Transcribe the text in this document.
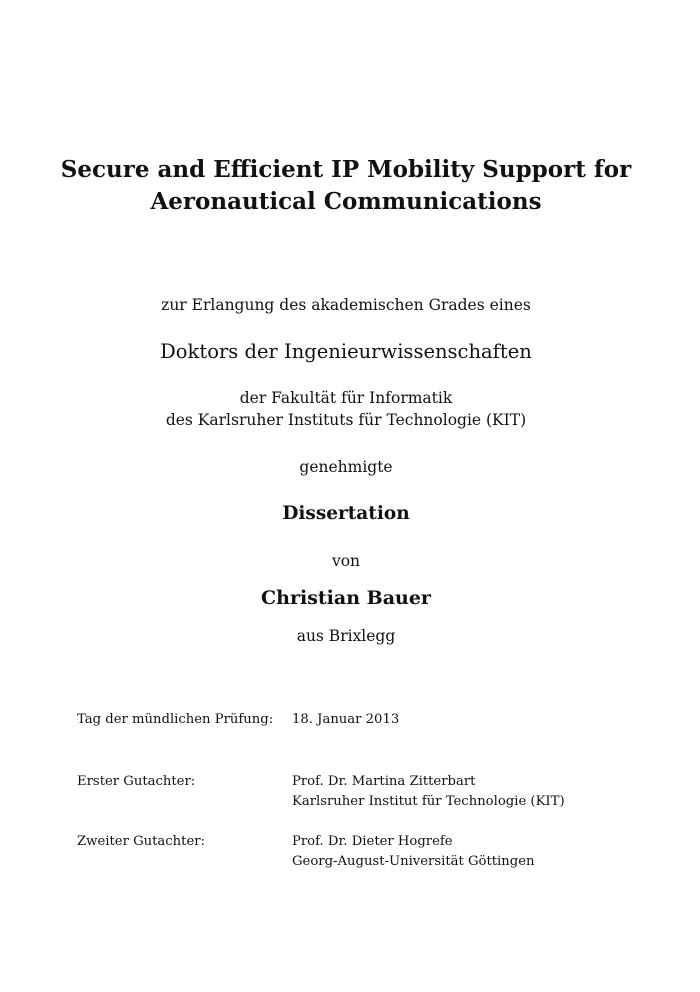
Secure and Efficient IP Mobility Support for
Aeronautical Communications
zur Erlangung des akademischen Grades eines
Doktors der Ingenieurwissenschaften
der Fakultät für Informatik
des Karlsruher Instituts für Technologie (KIT)
genehmigte
Dissertation
von
Christian Bauer
aus Brixlegg
Tag der mündlichen Prüfung: 18. Januar 2013
Erster Gutachter:	Prof. Dr. Martina Zitterbart
Karlsruher Institut für Technologie (KIT)
Zweiter Gutachter:	Prof. Dr. Dieter Hogrefe
Georg-August-Universität Göttingen
